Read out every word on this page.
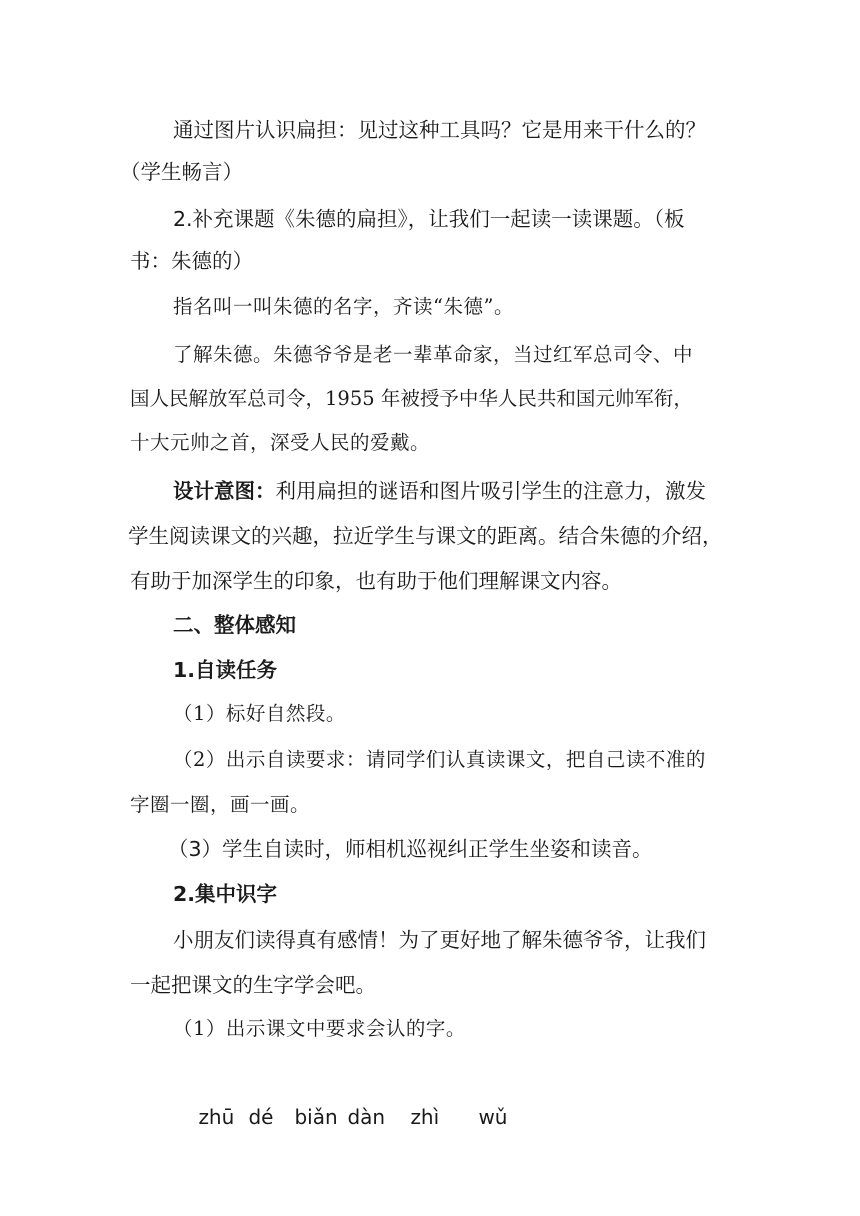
通过图片认识扁担：见过这种工具吗？它是用来干什么的？
（学生畅言）
2.补充课题《朱德的扁担》，让我们一起读一读课题。（板
书：朱德的）
指名叫一叫朱德的名字，齐读“朱德”。
了解朱德。朱德爷爷是老一辈革命家，当过红军总司令、中
国人民解放军总司令，1955 年被授予中华人民共和国元帅军衔，
十大元帅之首，深受人民的爱戴。
设计意图：利用扁担的谜语和图片吸引学生的注意力，激发
学生阅读课文的兴趣，拉近学生与课文的距离。结合朱德的介绍，
有助于加深学生的印象，也有助于他们理解课文内容。
二、整体感知
1.自读任务
（1）标好自然段。
（2）出示自读要求：请同学们认真读课文，把自己读不准的
字圈一圈，画一画。
（3）学生自读时，师相机巡视纠正学生坐姿和读音。
2.集中识字
小朋友们读得真有感情！为了更好地了解朱德爷爷，让我们
一起把课文的生字学会吧。
（1）出示课文中要求会认的字。

zhū dé biǎn dàn zhì wǔ
